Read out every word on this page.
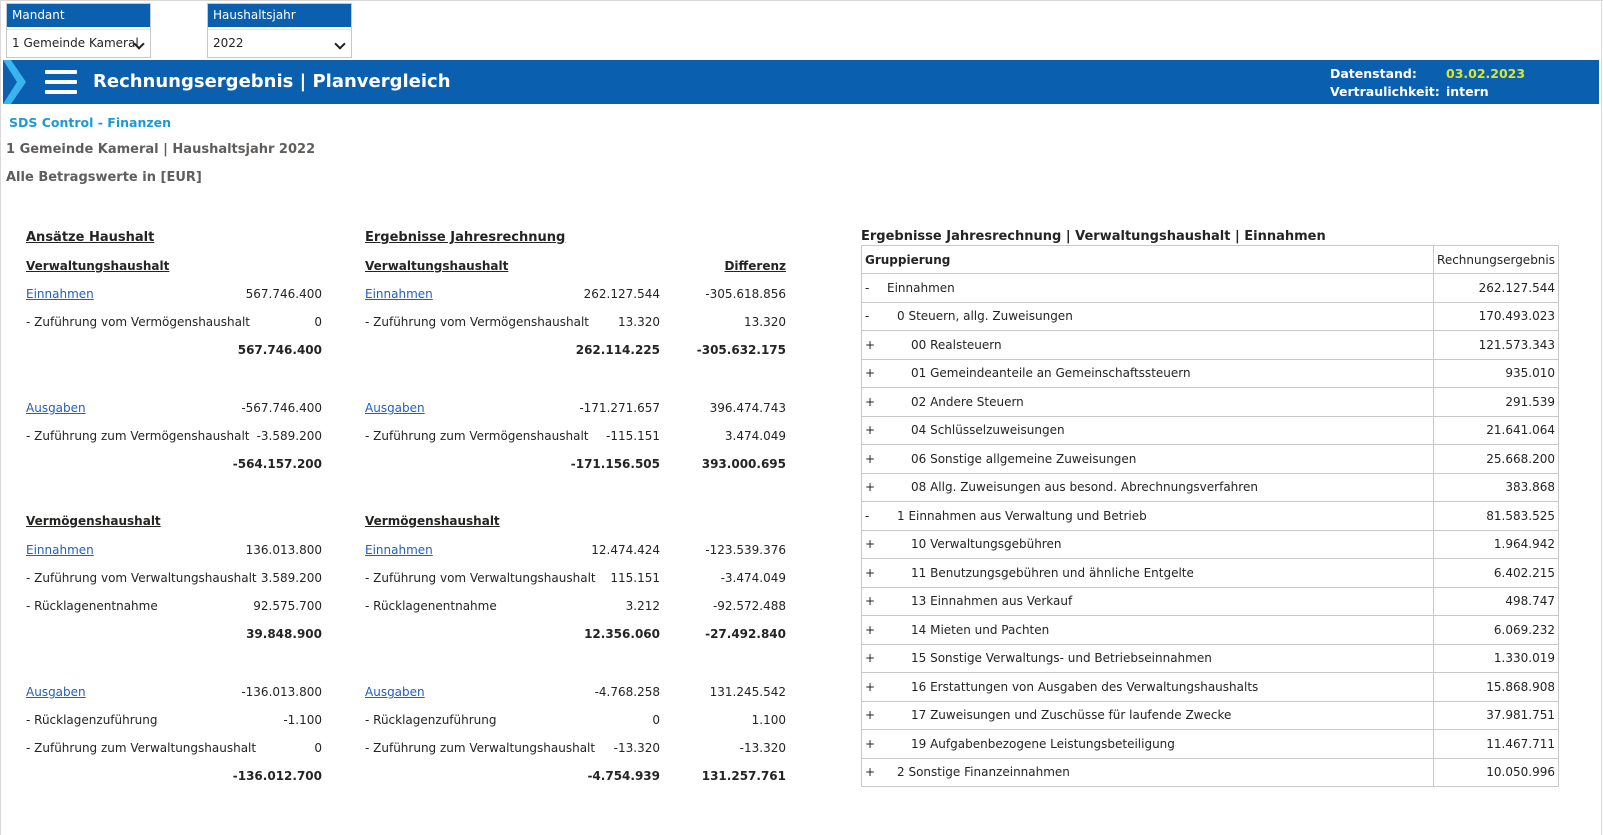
Mandant
1 Gemeinde Kameral
Haushaltsjahr
2022
Rechnungsergebnis | Planvergleich	Datenstand: 03.02.2023
Vertraulichkeit: intern
SDS Control - Finanzen
1 Gemeinde Kameral | Haushaltsjahr 2022
Alle Betragswerte in [EUR]
Ansätze Haushalt	Ergebnisse Jahresrechnung
Verwaltungshaushalt	Verwaltungshaushalt	Differenz
Einnahmen	567.746.400	Einnahmen	262.127.544	-305.618.856
- Zuführung vom Vermögenshaushalt	0	- Zuführung vom Vermögenshaushalt	13.320	13.320
567.746.400	262.114.225	-305.632.175
Ausgaben	-567.746.400	Ausgaben	-171.271.657	396.474.743
- Zuführung zum Vermögenshaushalt -3.589.200	- Zuführung zum Vermögenshaushalt	-115.151	3.474.049
-564.157.200	-171.156.505	393.000.695
Vermögenshaushalt	Vermögenshaushalt
Einnahmen	136.013.800	Einnahmen	12.474.424	-123.539.376
- Zuführung vom Verwaltungshaushalt 3.589.200	- Zuführung vom Verwaltungshaushalt	115.151	-3.474.049
- Rücklagenentnahme	92.575.700	- Rücklagenentnahme	3.212	-92.572.488
39.848.900	12.356.060	-27.492.840
Ausgaben	-136.013.800	Ausgaben	-4.768.258	131.245.542
- Rücklagenzuführung	-1.100	- Rücklagenzuführung	0	1.100
- Zuführung zum Verwaltungshaushalt	0	- Zuführung zum Verwaltungshaushalt	-13.320	-13.320
-136.012.700	-4.754.939	131.257.761
Ergebnisse Jahresrechnung | Verwaltungshaushalt | Einnahmen
Gruppierung	Rechnungsergebnis
- Einnahmen	262.127.544
- 0 Steuern, allg. Zuweisungen	170.493.023
+ 00 Realsteuern	121.573.343
+ 01 Gemeindeanteile an Gemeinschaftssteuern	935.010
+ 02 Andere Steuern	291.539
+ 04 Schlüsselzuweisungen	21.641.064
+ 06 Sonstige allgemeine Zuweisungen	25.668.200
+ 08 Allg. Zuweisungen aus besond. Abrechnungsverfahren	383.868
- 1 Einnahmen aus Verwaltung und Betrieb	81.583.525
+ 10 Verwaltungsgebühren	1.964.942
+ 11 Benutzungsgebühren und ähnliche Entgelte	6.402.215
+ 13 Einnahmen aus Verkauf	498.747
+ 14 Mieten und Pachten	6.069.232
+ 15 Sonstige Verwaltungs- und Betriebseinnahmen	1.330.019
+ 16 Erstattungen von Ausgaben des Verwaltungshaushalts	15.868.908
+ 17 Zuweisungen und Zuschüsse für laufende Zwecke	37.981.751
+ 19 Aufgabenbezogene Leistungsbeteiligung	11.467.711
+ 2 Sonstige Finanzeinnahmen	10.050.996
